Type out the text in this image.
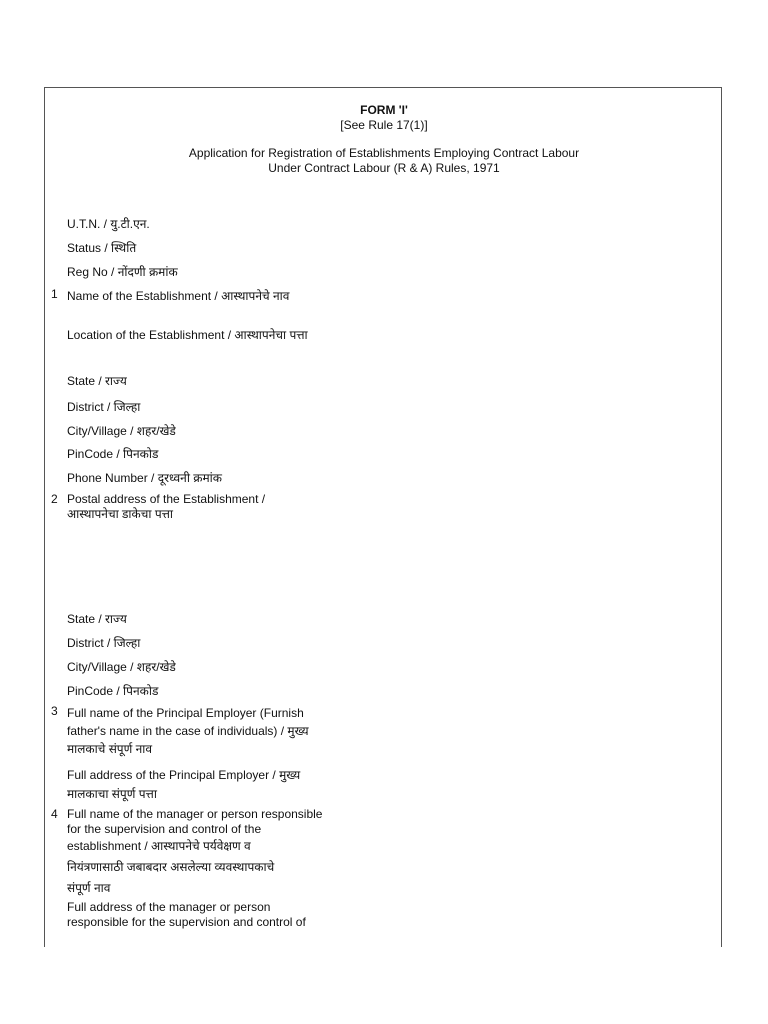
FORM 'I'
[See Rule 17(1)]
Application for Registration of Establishments Employing Contract Labour
Under Contract Labour (R & A) Rules, 1971
U.T.N. / यु.टी.एन.
Status / स्थिति
Reg No / नोंदणी क्रमांक
1 Name of the Establishment / आस्थापनेचे नाव
Location of the Establishment / आस्थापनेचा पत्ता
State / राज्य
District / जिल्हा
City/Village / शहर/खेडे
PinCode / पिनकोड
Phone Number / दूरध्वनी क्रमांक
2 Postal address of the Establishment /
आस्थापनेचा डाकेचा पत्ता
State / राज्य
District / जिल्हा
City/Village / शहर/खेडे
PinCode / पिनकोड
3 Full name of the Principal Employer (Furnish
father's name in the case of individuals) / मुख्य
मालकाचे संपूर्ण नाव
Full address of the Principal Employer / मुख्य
मालकाचा संपूर्ण पत्ता
4 Full name of the manager or person responsible
for the supervision and control of the
establishment / आस्थापनेचे पर्यवेक्षण व
नियंत्रणासाठी जबाबदार असलेल्या व्यवस्थापकाचे
संपूर्ण नाव
Full address of the manager or person
responsible for the supervision and control of
